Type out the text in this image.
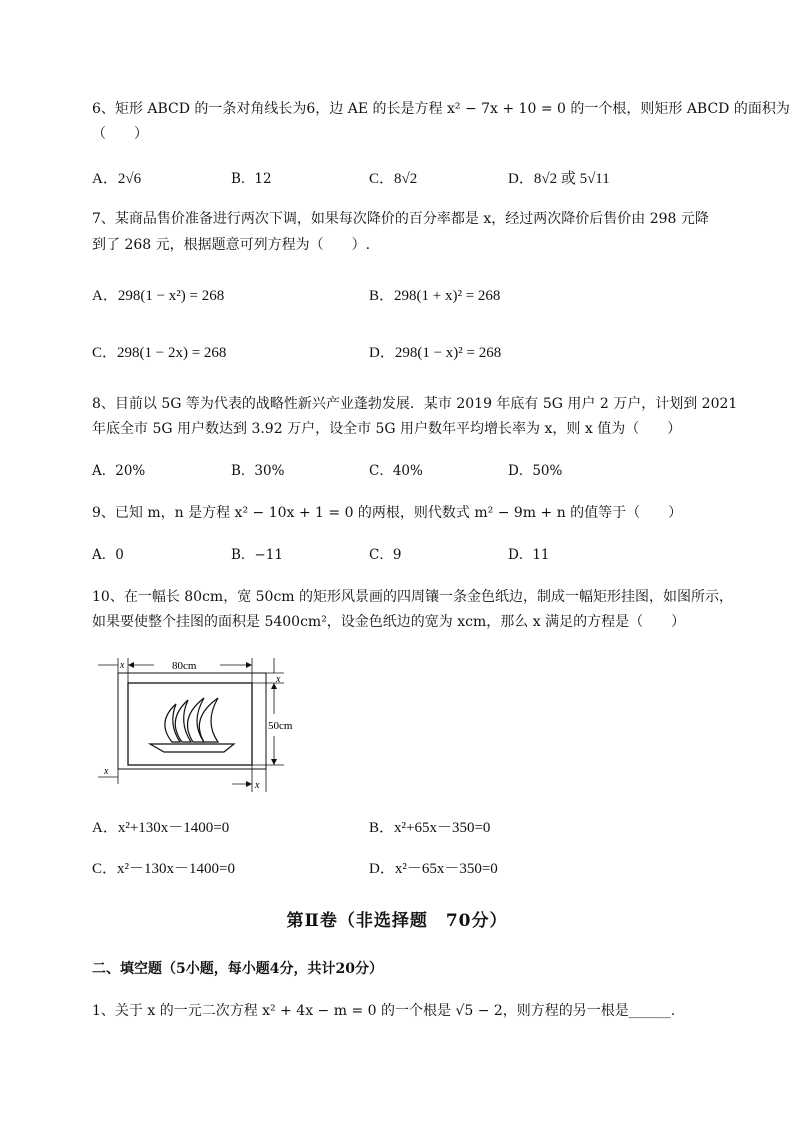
6、矩形 ABCD 的一条对角线长为6，边 AE 的长是方程 x² − 7x + 10 = 0 的一个根，则矩形 ABCD 的面积为
（　　）
A．2√6	B．12	C．8√2	D．8√2 或 5√11
7、某商品售价准备进行两次下调，如果每次降价的百分率都是 x，经过两次降价后售价由 298 元降
到了 268 元，根据题意可列方程为（　　）.
A．298(1 − x²) = 268	B．298(1 + x)² = 268
C．298(1 − 2x) = 268	D．298(1 − x)² = 268
8、目前以 5G 等为代表的战略性新兴产业蓬勃发展．某市 2019 年底有 5G 用户 2 万户，计划到 2021
年底全市 5G 用户数达到 3.92 万户，设全市 5G 用户数年平均增长率为 x，则 x 值为（　　）
A．20%	B．30%	C．40%	D．50%
9、已知 m，n 是方程 x² − 10x + 1 = 0 的两根，则代数式 m² − 9m + n 的值等于（　　）
A．0	B．−11	C．9	D．11
10、在一幅长 80cm，宽 50cm 的矩形风景画的四周镶一条金色纸边，制成一幅矩形挂图，如图所示，
如果要使整个挂图的面积是 5400cm²，设金色纸边的宽为 xcm，那么 x 满足的方程是（　　）
x	80cm
x
50cm
x
x
A．x²+130x－1400=0	B．x²+65x－350=0
C．x²－130x－1400=0	D．x²－65x－350=0
第Ⅱ卷（非选择题　70分）
二、填空题（5小题，每小题4分，共计20分）
1、关于 x 的一元二次方程 x² + 4x − m = 0 的一个根是 √5 − 2，则方程的另一根是______.
